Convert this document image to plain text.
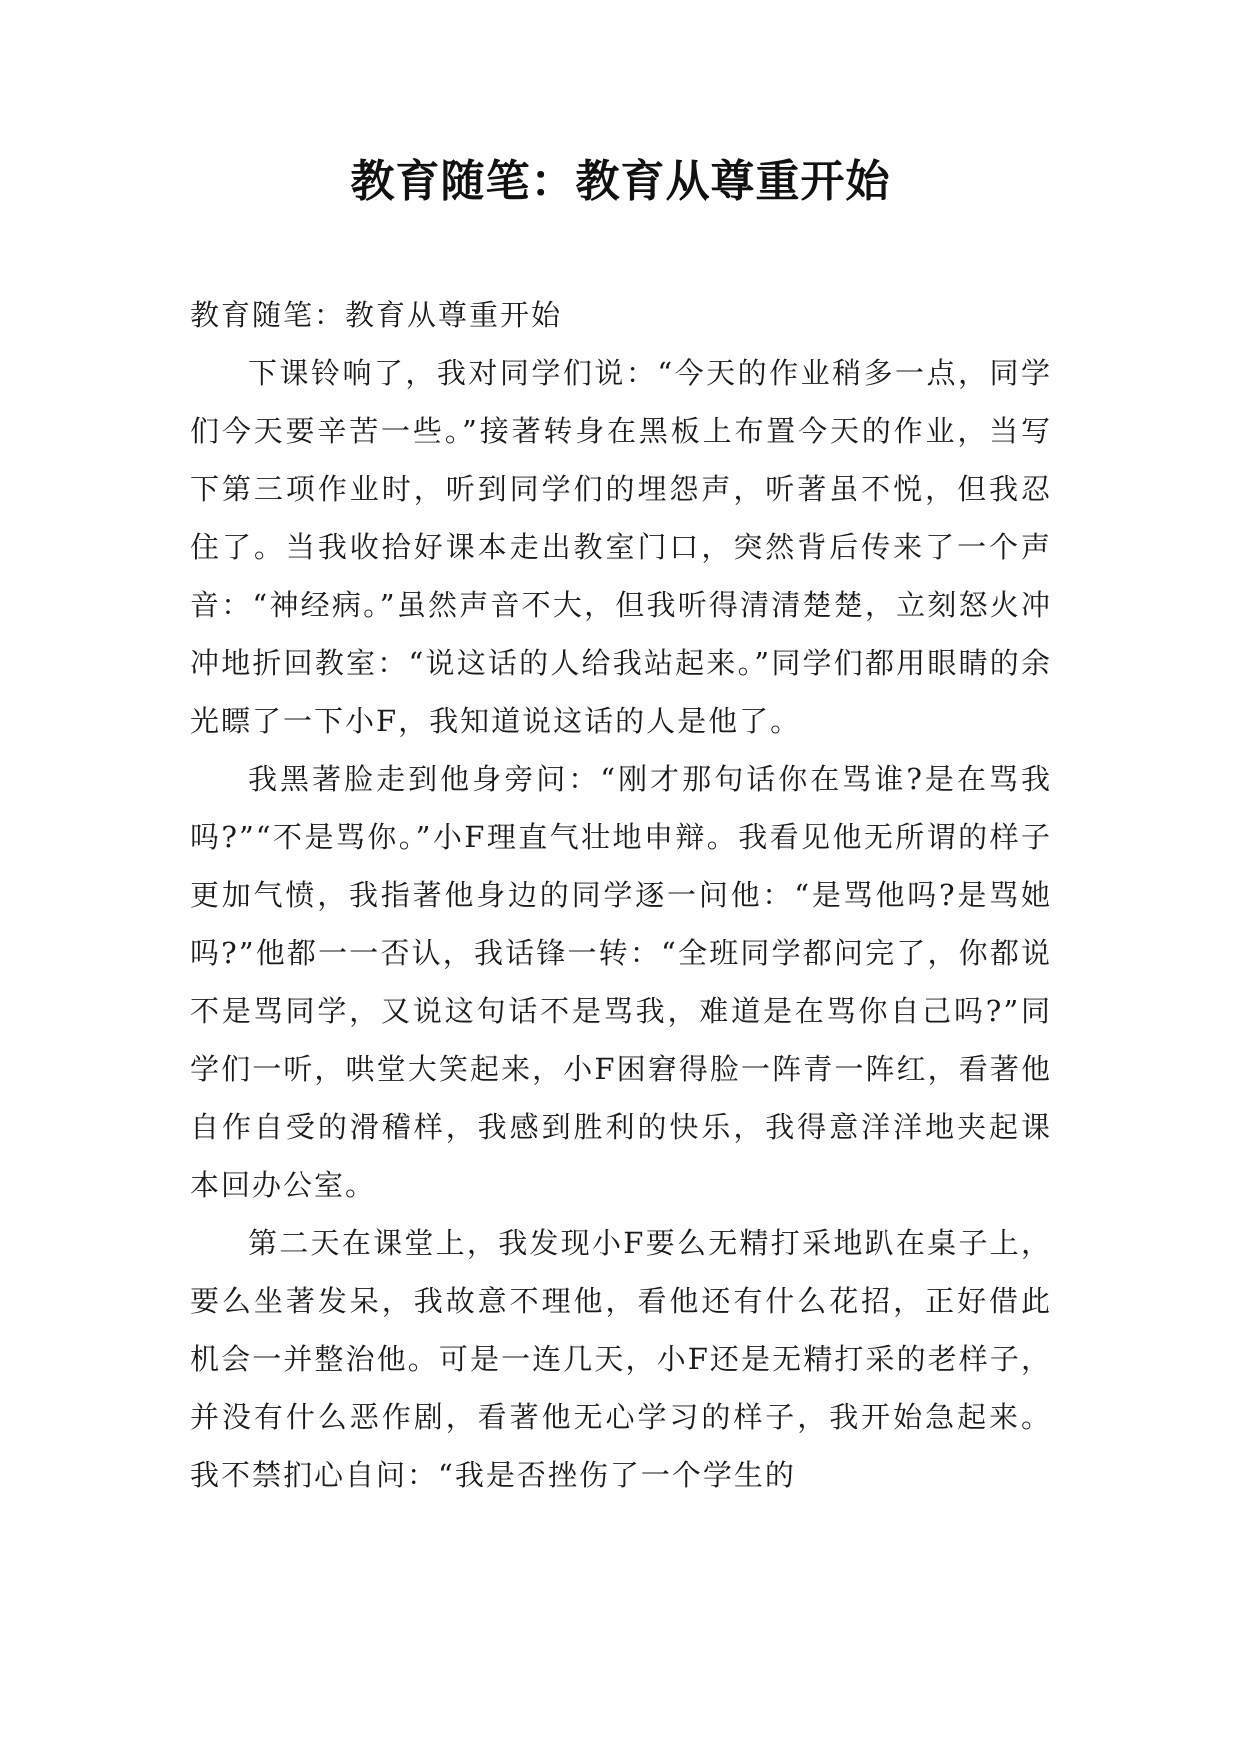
教育随笔：教育从尊重开始

教育随笔：教育从尊重开始

下课铃响了，我对同学们说：“今天的作业稍多一点，同学们今天要辛苦一些。”接著转身在黑板上布置今天的作业，当写下第三项作业时，听到同学们的埋怨声，听著虽不悦，但我忍住了。当我收拾好课本走出教室门口，突然背后传来了一个声音：“神经病。”虽然声音不大，但我听得清清楚楚，立刻怒火冲冲地折回教室：“说这话的人给我站起来。”同学们都用眼睛的余光瞟了一下小F，我知道说这话的人是他了。

我黑著脸走到他身旁问：“刚才那句话你在骂谁?是在骂我吗?”“不是骂你。”小F理直气壮地申辩。我看见他无所谓的样子更加气愤，我指著他身边的同学逐一问他：“是骂他吗?是骂她吗?”他都一一否认，我话锋一转：“全班同学都问完了，你都说不是骂同学，又说这句话不是骂我，难道是在骂你自己吗?”同学们一听，哄堂大笑起来，小F困窘得脸一阵青一阵红，看著他自作自受的滑稽样，我感到胜利的快乐，我得意洋洋地夹起课本回办公室。

第二天在课堂上，我发现小F要么无精打采地趴在桌子上，要么坐著发呆，我故意不理他，看他还有什么花招，正好借此机会一并整治他。可是一连几天，小F还是无精打采的老样子，并没有什么恶作剧，看著他无心学习的样子，我开始急起来。我不禁扪心自问：“我是否挫伤了一个学生的
